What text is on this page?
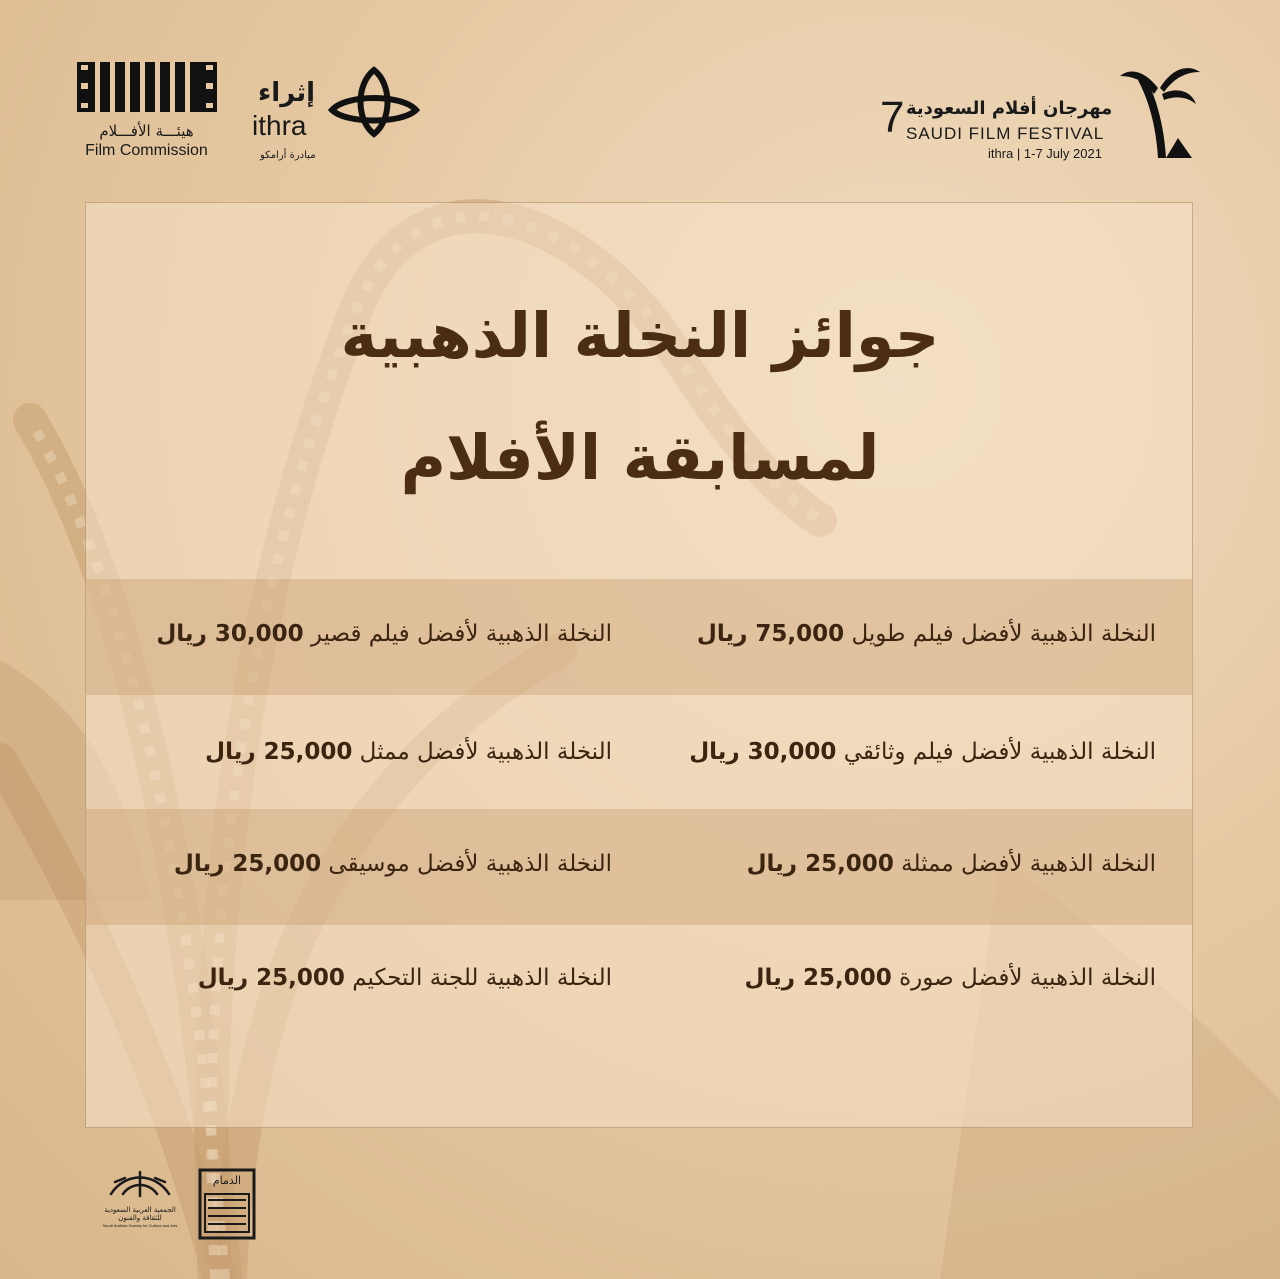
هيئـــة الأفـــلام
Film Commission
إثراء
ithra
مبادرة أرامكو
7 مهرجان أفلام السعودية
SAUDI FILM FESTIVAL
ithra | 1-7 July 2021
جوائز النخلة الذهبية
لمسابقة الأفلام
النخلة الذهبية لأفضل فيلم طويل 75,000 ريال
النخلة الذهبية لأفضل فيلم قصير 30,000 ريال
النخلة الذهبية لأفضل فيلم وثائقي 30,000 ريال
النخلة الذهبية لأفضل ممثل 25,000 ريال
النخلة الذهبية لأفضل ممثلة 25,000 ريال
النخلة الذهبية لأفضل موسيقى 25,000 ريال
النخلة الذهبية لأفضل صورة 25,000 ريال
النخلة الذهبية للجنة التحكيم 25,000 ريال
الجمعية العربية السعودية للثقافة والفنون
Saudi Arabian Society for Culture and Arts
الدمام
